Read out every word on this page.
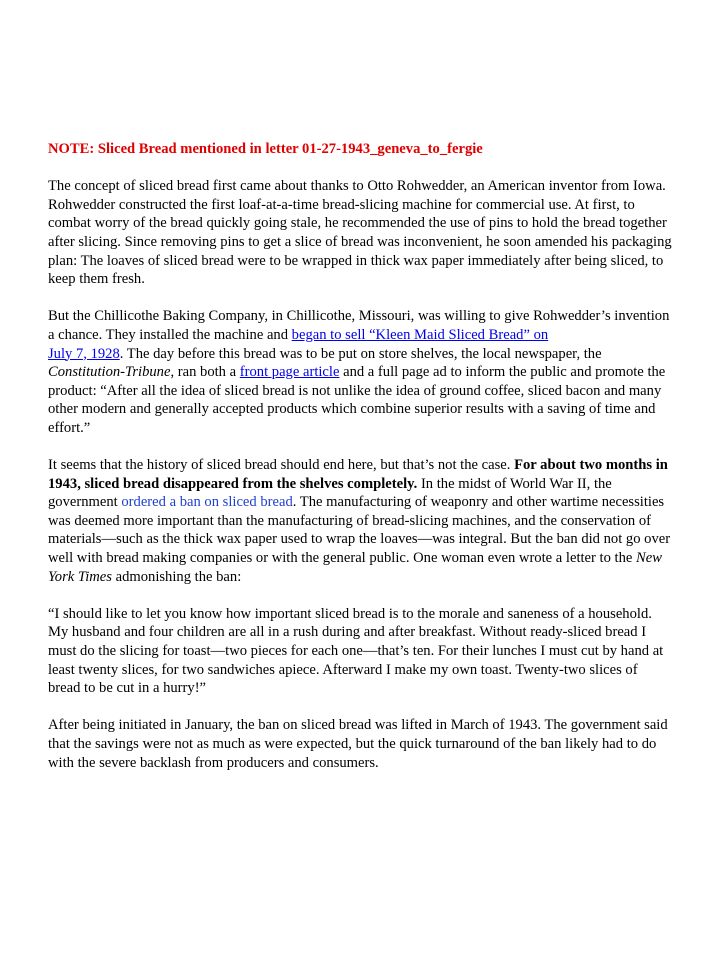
NOTE: Sliced Bread mentioned in letter 01-27-1943_geneva_to_fergie

The concept of sliced bread first came about thanks to Otto Rohwedder, an American inventor from Iowa. Rohwedder constructed the first loaf-at-a-time bread-slicing machine for commercial use. At first, to combat worry of the bread quickly going stale, he recommended the use of pins to hold the bread together after slicing. Since removing pins to get a slice of bread was inconvenient, he soon amended his packaging plan: The loaves of sliced bread were to be wrapped in thick wax paper immediately after being sliced, to keep them fresh.

But the Chillicothe Baking Company, in Chillicothe, Missouri, was willing to give Rohwedder’s invention a chance. They installed the machine and began to sell “Kleen Maid Sliced Bread” on
July 7, 1928. The day before this bread was to be put on store shelves, the local newspaper, the Constitution-Tribune, ran both a front page article and a full page ad to inform the public and promote the product: “After all the idea of sliced bread is not unlike the idea of ground coffee, sliced bacon and many other modern and generally accepted products which combine superior results with a saving of time and effort.”

It seems that the history of sliced bread should end here, but that’s not the case. For about two months in 1943, sliced bread disappeared from the shelves completely. In the midst of World War II, the government ordered a ban on sliced bread. The manufacturing of weaponry and other wartime necessities was deemed more important than the manufacturing of bread-slicing machines, and the conservation of materials—such as the thick wax paper used to wrap the loaves—was integral. But the ban did not go over well with bread making companies or with the general public. One woman even wrote a letter to the New York Times admonishing the ban:

“I should like to let you know how important sliced bread is to the morale and saneness of a household. My husband and four children are all in a rush during and after breakfast. Without ready-sliced bread I must do the slicing for toast—two pieces for each one—that’s ten. For their lunches I must cut by hand at least twenty slices, for two sandwiches apiece. Afterward I make my own toast. Twenty-two slices of bread to be cut in a hurry!”

After being initiated in January, the ban on sliced bread was lifted in March of 1943. The government said that the savings were not as much as were expected, but the quick turnaround of the ban likely had to do with the severe backlash from producers and consumers.
